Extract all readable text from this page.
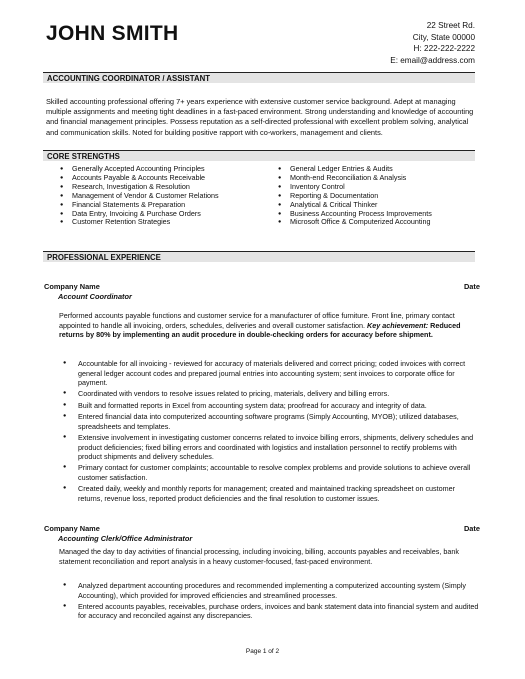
JOHN SMITH	22 Street Rd.
City, State 00000
H: 222-222-2222
E: email@address.com
ACCOUNTING COORDINATOR / ASSISTANT
Skilled accounting professional offering 7+ years experience with extensive customer service background. Adept at managing multiple assignments and meeting tight deadlines in a fast-paced environment. Strong understanding and knowledge of accounting and financial management principles. Possess reputation as a self-directed professional with excellent problem solving, analytical and communication skills. Noted for building positive rapport with co-workers, management and clients.
CORE STRENGTHS
● Generally Accepted Accounting Principles
● Accounts Payable & Accounts Receivable
● Research, Investigation & Resolution
● Management of Vendor & Customer Relations
● Financial Statements & Preparation
● Data Entry, Invoicing & Purchase Orders
● Customer Retention Strategies
● General Ledger Entries & Audits
● Month-end Reconciliation & Analysis
● Inventory Control
● Reporting & Documentation
● Analytical & Critical Thinker
● Business Accounting Process Improvements
● Microsoft Office & Computerized Accounting
PROFESSIONAL EXPERIENCE
Company Name	Date
Account Coordinator
Performed accounts payable functions and customer service for a manufacturer of office furniture. Front line, primary contact appointed to handle all invoicing, orders, schedules, deliveries and overall customer satisfaction. Key achievement: Reduced returns by 80% by implementing an audit procedure in double-checking orders for accuracy before shipment.
● Accountable for all invoicing - reviewed for accuracy of materials delivered and correct pricing; coded invoices with correct general ledger account codes and prepared journal entries into accounting system; sent invoices to corporate office for payment.
● Coordinated with vendors to resolve issues related to pricing, materials, delivery and billing errors.
● Built and formatted reports in Excel from accounting system data; proofread for accuracy and integrity of data.
● Entered financial data into computerized accounting software programs (Simply Accounting, MYOB); utilized databases, spreadsheets and templates.
● Extensive involvement in investigating customer concerns related to invoice billing errors, shipments, delivery schedules and product deficiencies; fixed billing errors and coordinated with logistics and installation personnel to rectify problems with product shipments and delivery schedules.
● Primary contact for customer complaints; accountable to resolve complex problems and provide solutions to achieve overall customer satisfaction.
● Created daily, weekly and monthly reports for management; created and maintained tracking spreadsheet on customer returns, revenue loss, reported product deficiencies and the final resolution to customer issues.
Company Name	Date
Accounting Clerk/Office Administrator
Managed the day to day activities of financial processing, including invoicing, billing, accounts payables and receivables, bank statement reconciliation and report analysis in a heavy customer-focused, fast-paced environment.
● Analyzed department accounting procedures and recommended implementing a computerized accounting system (Simply Accounting), which provided for improved efficiencies and streamlined processes.
● Entered accounts payables, receivables, purchase orders, invoices and bank statement data into financial system and audited for accuracy and reconciled against any discrepancies.
Page 1 of 2
